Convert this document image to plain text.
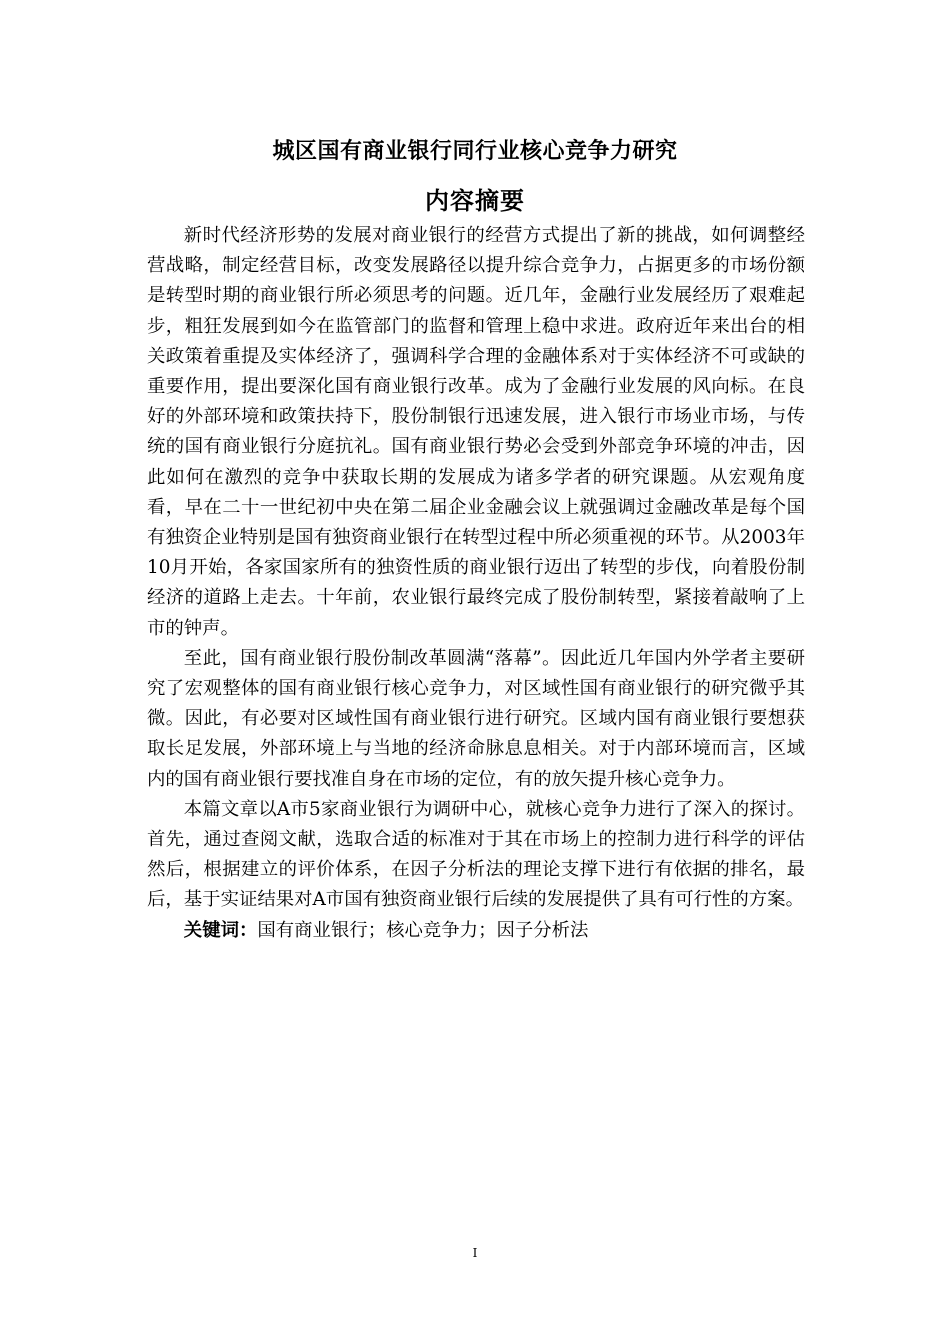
城区国有商业银行同行业核心竞争力研究
内容摘要

新时代经济形势的发展对商业银行的经营方式提出了新的挑战，如何调整经营战略，制定经营目标，改变发展路径以提升综合竞争力，占据更多的市场份额是转型时期的商业银行所必须思考的问题。近几年，金融行业发展经历了艰难起步，粗狂发展到如今在监管部门的监督和管理上稳中求进。政府近年来出台的相关政策着重提及实体经济了，强调科学合理的金融体系对于实体经济不可或缺的重要作用，提出要深化国有商业银行改革。成为了金融行业发展的风向标。在良好的外部环境和政策扶持下，股份制银行迅速发展，进入银行市场业市场，与传统的国有商业银行分庭抗礼。国有商业银行势必会受到外部竞争环境的冲击，因此如何在激烈的竞争中获取长期的发展成为诸多学者的研究课题。从宏观角度看，早在二十一世纪初中央在第二届企业金融会议上就强调过金融改革是每个国有独资企业特别是国有独资商业银行在转型过程中所必须重视的环节。从2003年10月开始，各家国家所有的独资性质的商业银行迈出了转型的步伐，向着股份制经济的道路上走去。十年前，农业银行最终完成了股份制转型，紧接着敲响了上市的钟声。

至此，国有商业银行股份制改革圆满“落幕”。因此近几年国内外学者主要研究了宏观整体的国有商业银行核心竞争力，对区域性国有商业银行的研究微乎其微。因此，有必要对区域性国有商业银行进行研究。区域内国有商业银行要想获取长足发展，外部环境上与当地的经济命脉息息相关。对于内部环境而言，区域内的国有商业银行要找准自身在市场的定位，有的放矢提升核心竞争力。

本篇文章以A市5家商业银行为调研中心，就核心竞争力进行了深入的探讨。首先，通过查阅文献，选取合适的标准对于其在市场上的控制力进行科学的评估然后，根据建立的评价体系，在因子分析法的理论支撑下进行有依据的排名，最后，基于实证结果对A市国有独资商业银行后续的发展提供了具有可行性的方案。

关键词：国有商业银行；核心竞争力；因子分析法

I
